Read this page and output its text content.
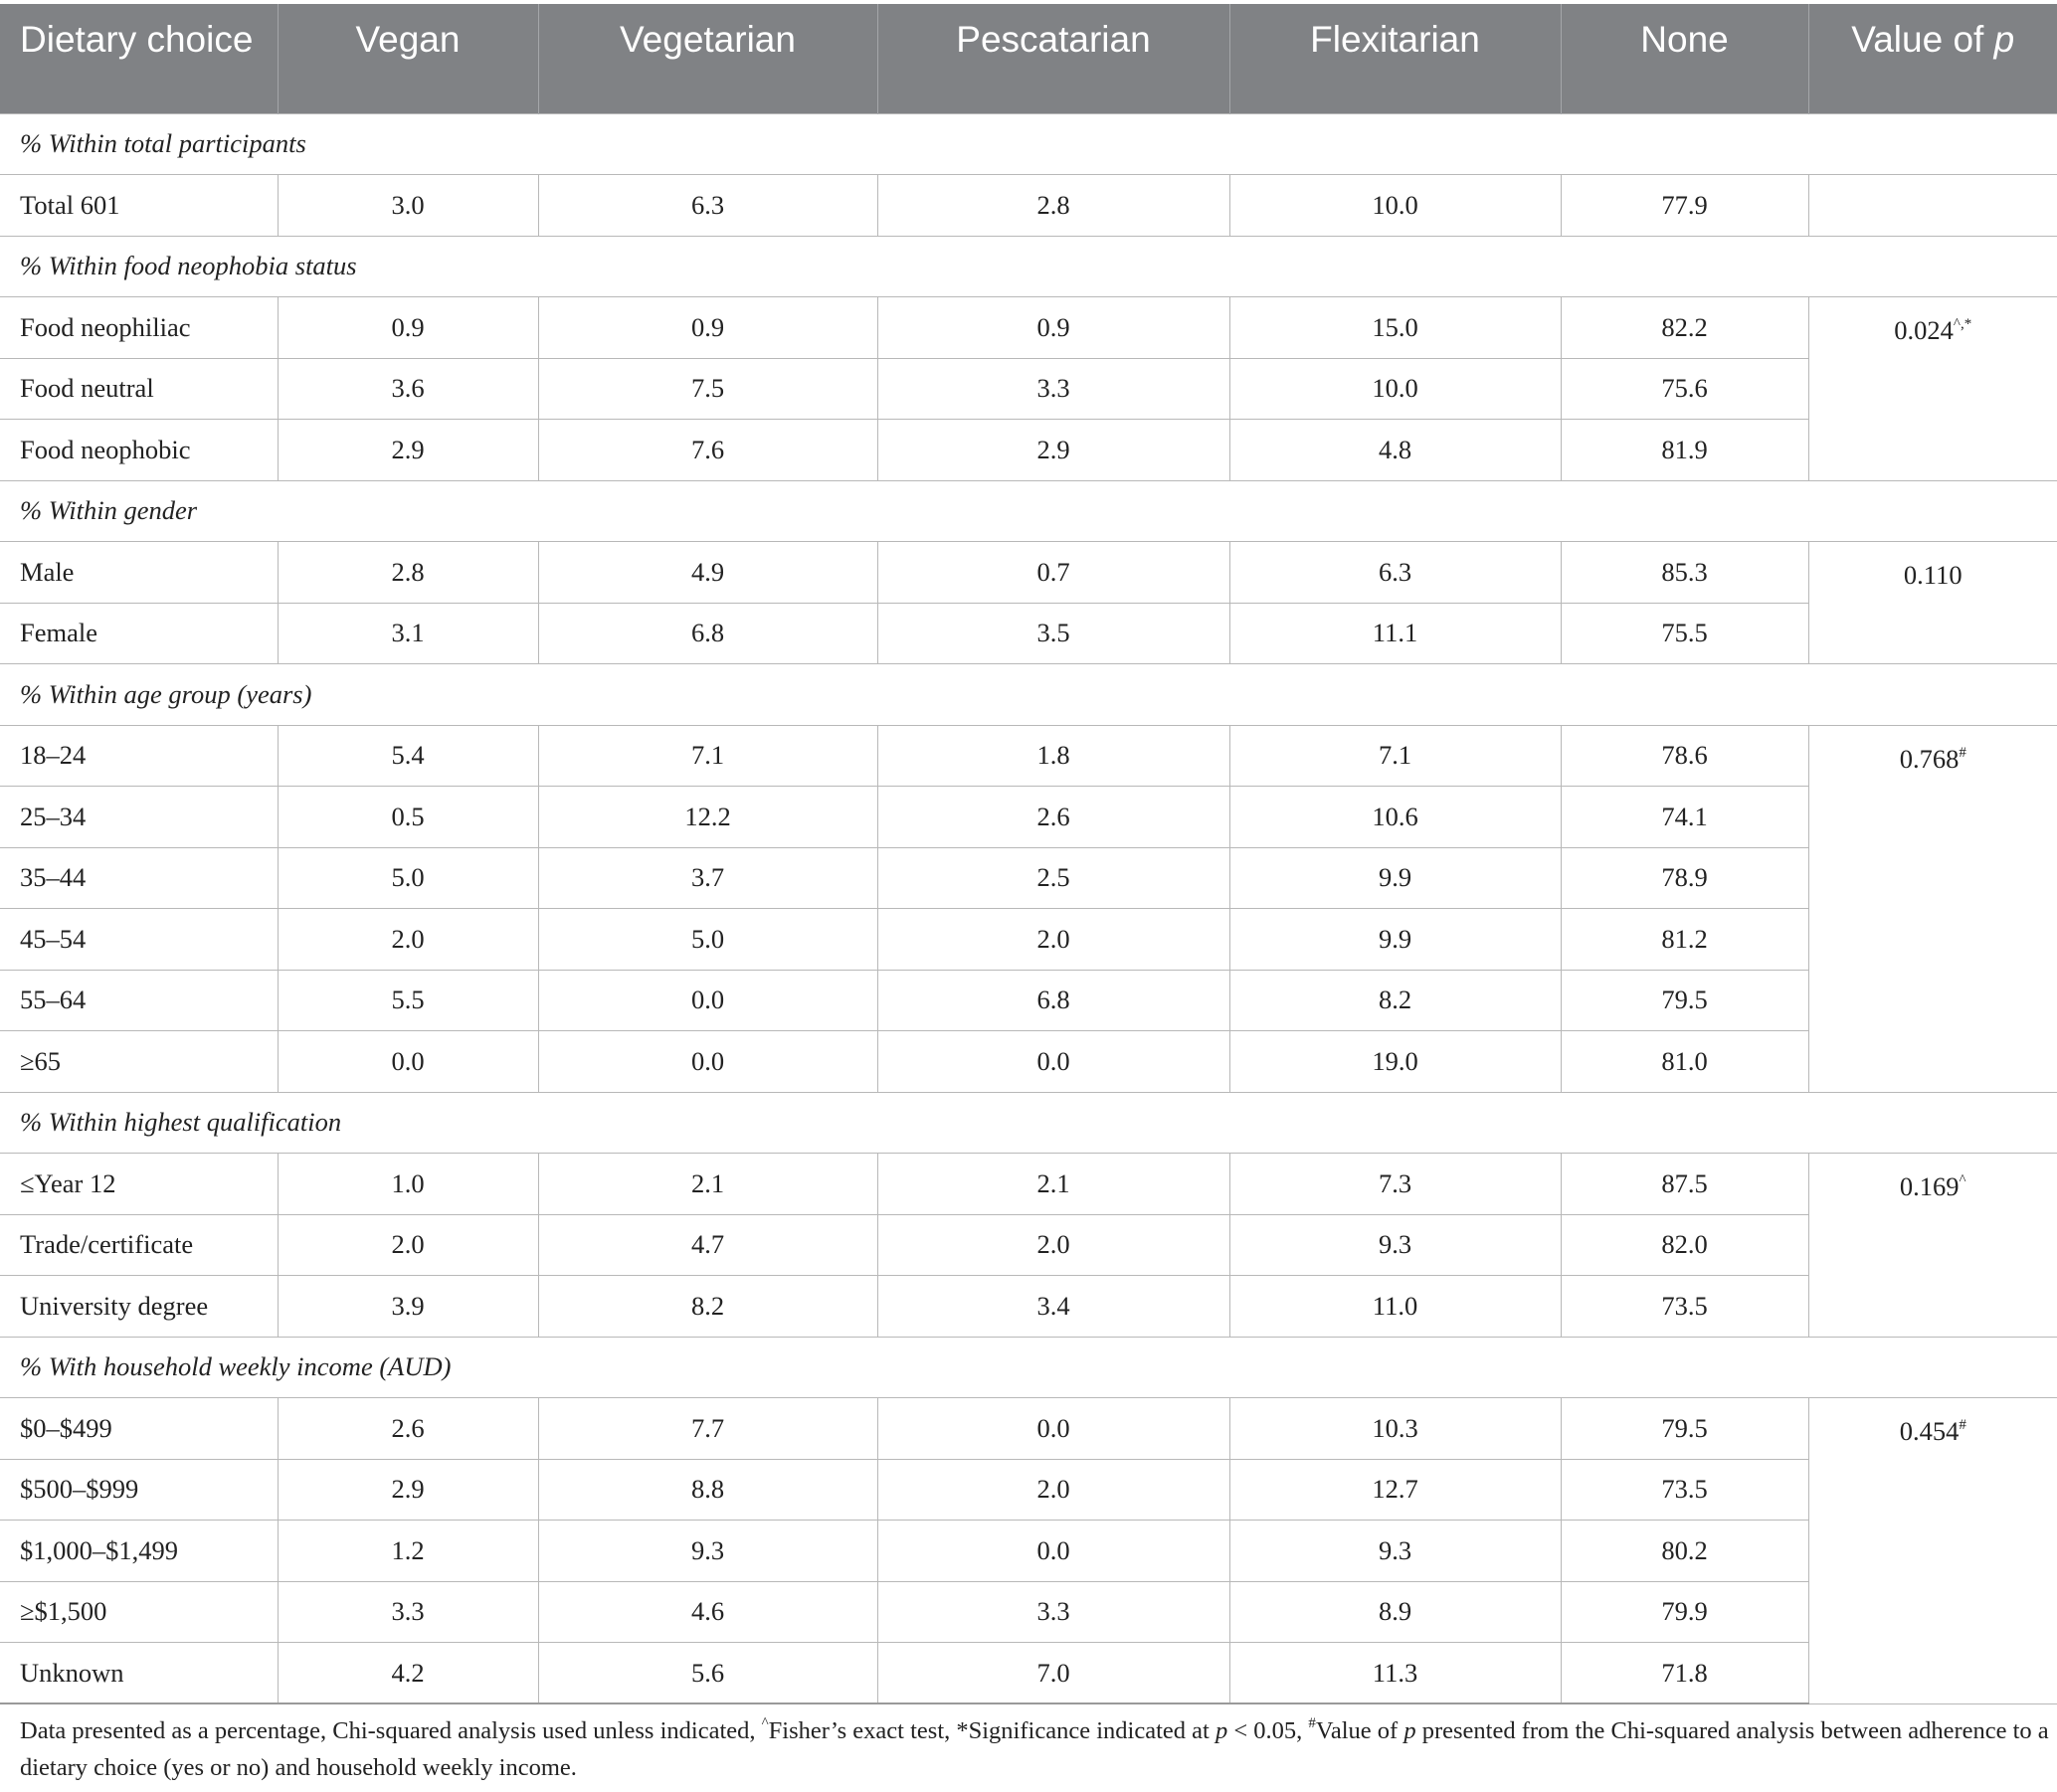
Dietary choice	Vegan	Vegetarian	Pescatarian	Flexitarian	None	Value of p
% Within total participants						
Total 601	3.0	6.3	2.8	10.0	77.9	
% Within food neophobia status						
Food neophiliac	0.9	0.9	0.9	15.0	82.2	0.024^,*
Food neutral	3.6	7.5	3.3	10.0	75.6	
Food neophobic	2.9	7.6	2.9	4.8	81.9	
% Within gender						
Male	2.8	4.9	0.7	6.3	85.3	0.110
Female	3.1	6.8	3.5	11.1	75.5	
% Within age group (years)						
18–24	5.4	7.1	1.8	7.1	78.6	0.768#
25–34	0.5	12.2	2.6	10.6	74.1	
35–44	5.0	3.7	2.5	9.9	78.9	
45–54	2.0	5.0	2.0	9.9	81.2	
55–64	5.5	0.0	6.8	8.2	79.5	
≥65	0.0	0.0	0.0	19.0	81.0	
% Within highest qualification						
≤Year 12	1.0	2.1	2.1	7.3	87.5	0.169^
Trade/certificate	2.0	4.7	2.0	9.3	82.0	
University degree	3.9	8.2	3.4	11.0	73.5	
% With household weekly income (AUD)						
$0–$499	2.6	7.7	0.0	10.3	79.5	0.454#
$500–$999	2.9	8.8	2.0	12.7	73.5	
$1,000–$1,499	1.2	9.3	0.0	9.3	80.2	
≥$1,500	3.3	4.6	3.3	8.9	79.9	
Unknown	4.2	5.6	7.0	11.3	71.8	

Data presented as a percentage, Chi-squared analysis used unless indicated, ^Fisher’s exact test, *Significance indicated at p < 0.05, #Value of p presented from the Chi-squared analysis between adherence to a dietary choice (yes or no) and household weekly income.
